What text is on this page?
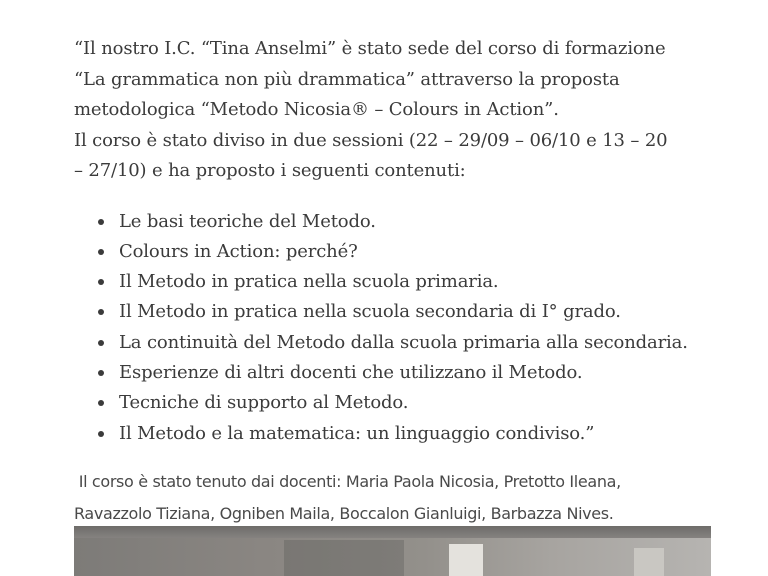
“Il nostro I.C. “Tina Anselmi” è stato sede del corso di formazione

“La grammatica non più drammatica” attraverso la proposta

metodologica “Metodo Nicosia® – Colours in Action”.

Il corso è stato diviso in due sessioni (22 – 29/09 – 06/10 e 13 – 20

– 27/10) e ha proposto i seguenti contenuti:

Le basi teoriche del Metodo.
Colours in Action: perché?
Il Metodo in pratica nella scuola primaria.
Il Metodo in pratica nella scuola secondaria di I° grado.
La continuità del Metodo dalla scuola primaria alla secondaria.
Esperienze di altri docenti che utilizzano il Metodo.
Tecniche di supporto al Metodo.
Il Metodo e la matematica: un linguaggio condiviso.”
Il corso è stato tenuto dai docenti: Maria Paola Nicosia, Pretotto Ileana,
Ravazzolo Tiziana, Ogniben Maila, Boccalon Gianluigi, Barbazza Nives.
